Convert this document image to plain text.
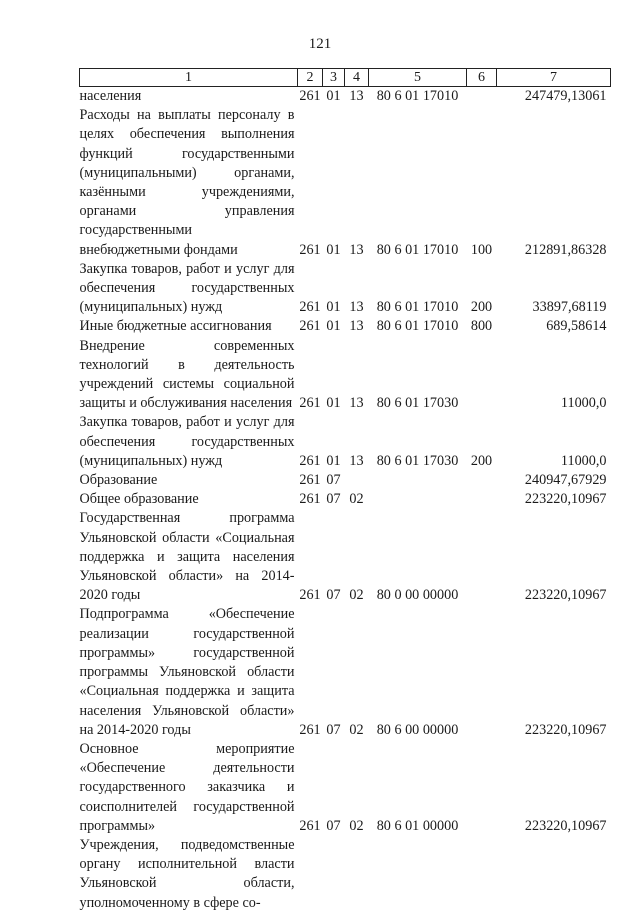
121
1	2	3	4	5	6	7
населения	261	01	13	80 6 01 17010		247479,13061
Расходы на выплаты персоналу в целях обеспечения выполнения функций государственными (муниципальными) органами, казёнными учреждениями, органами управления государственными внебюджетными фондами	261	01	13	80 6 01 17010	100	212891,86328
Закупка товаров, работ и услуг для обеспечения государственных (муниципальных) нужд	261	01	13	80 6 01 17010	200	33897,68119
Иные бюджетные ассигнования	261	01	13	80 6 01 17010	800	689,58614
Внедрение современных технологий в деятельность учреждений системы социальной защиты и обслуживания населения	261	01	13	80 6 01 17030		11000,0
Закупка товаров, работ и услуг для обеспечения государственных (муниципальных) нужд	261	01	13	80 6 01 17030	200	11000,0
Образование	261	07				240947,67929
Общее образование	261	07	02			223220,10967
Государственная программа Ульяновской области «Социальная поддержка и защита населения Ульяновской области» на 2014-2020 годы	261	07	02	80 0 00 00000		223220,10967
Подпрограмма «Обеспечение реализации государственной программы» государственной программы Ульяновской области «Социальная поддержка и защита населения Ульяновской области» на 2014-2020 годы	261	07	02	80 6 00 00000		223220,10967
Основное мероприятие «Обеспечение деятельности государственного заказчика и соисполнителей государственной программы»	261	07	02	80 6 01 00000		223220,10967
Учреждения, подведомственные органу исполнительной власти Ульяновской области, уполномоченному в сфере со-						
